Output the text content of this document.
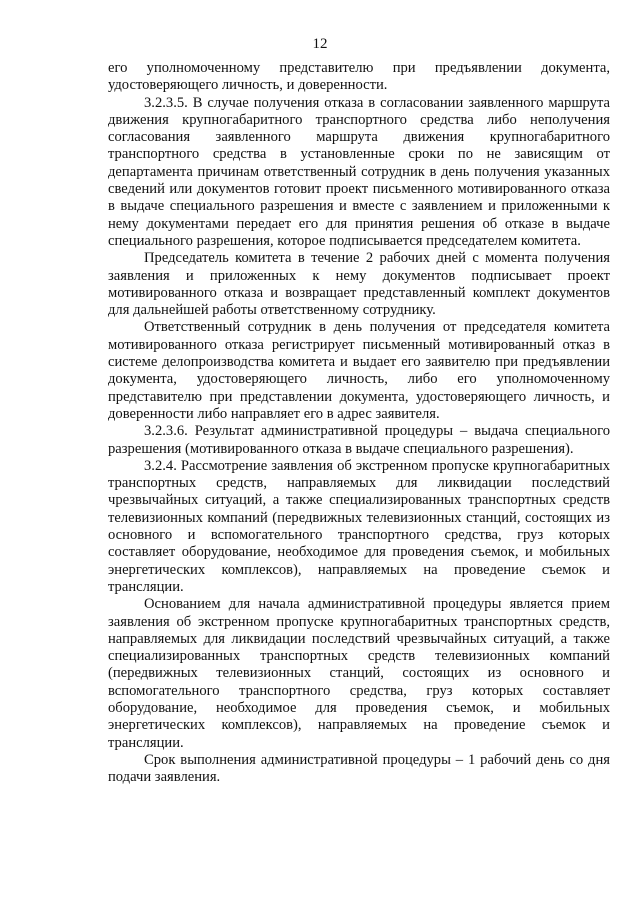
12

его уполномоченному представителю при предъявлении документа, удостоверяющего личность, и доверенности.

3.2.3.5. В случае получения отказа в согласовании заявленного маршрута движения крупногабаритного транспортного средства либо неполучения согласования заявленного маршрута движения крупногабаритного транспортного средства в установленные сроки по не зависящим от департамента причинам ответственный сотрудник в день получения указанных сведений или документов готовит проект письменного мотивированного отказа в выдаче специального разрешения и вместе с заявлением и приложенными к нему документами передает его для принятия решения об отказе в выдаче специального разрешения, которое подписывается председателем комитета.

Председатель комитета в течение 2 рабочих дней с момента получения заявления и приложенных к нему документов подписывает проект мотивированного отказа и возвращает представленный комплект документов для дальнейшей работы ответственному сотруднику.

Ответственный сотрудник в день получения от председателя комитета мотивированного отказа регистрирует письменный мотивированный отказ в системе делопроизводства комитета и выдает его заявителю при предъявлении документа, удостоверяющего личность, либо его уполномоченному представителю при представлении документа, удостоверяющего личность, и доверенности либо направляет его в адрес заявителя.

3.2.3.6. Результат административной процедуры – выдача специального разрешения (мотивированного отказа в выдаче специального разрешения).

3.2.4. Рассмотрение заявления об экстренном пропуске крупногабаритных транспортных средств, направляемых для ликвидации последствий чрезвычайных ситуаций, а также специализированных транспортных средств телевизионных компаний (передвижных телевизионных станций, состоящих из основного и вспомогательного транспортного средства, груз которых составляет оборудование, необходимое для проведения съемок, и мобильных энергетических комплексов), направляемых на проведение съемок и трансляции.

Основанием для начала административной процедуры является прием заявления об экстренном пропуске крупногабаритных транспортных средств, направляемых для ликвидации последствий чрезвычайных ситуаций, а также специализированных транспортных средств телевизионных компаний (передвижных телевизионных станций, состоящих из основного и вспомогательного транспортного средства, груз которых составляет оборудование, необходимое для проведения съемок, и мобильных энергетических комплексов), направляемых на проведение съемок и трансляции.

Срок выполнения административной процедуры – 1 рабочий день со дня подачи заявления.
